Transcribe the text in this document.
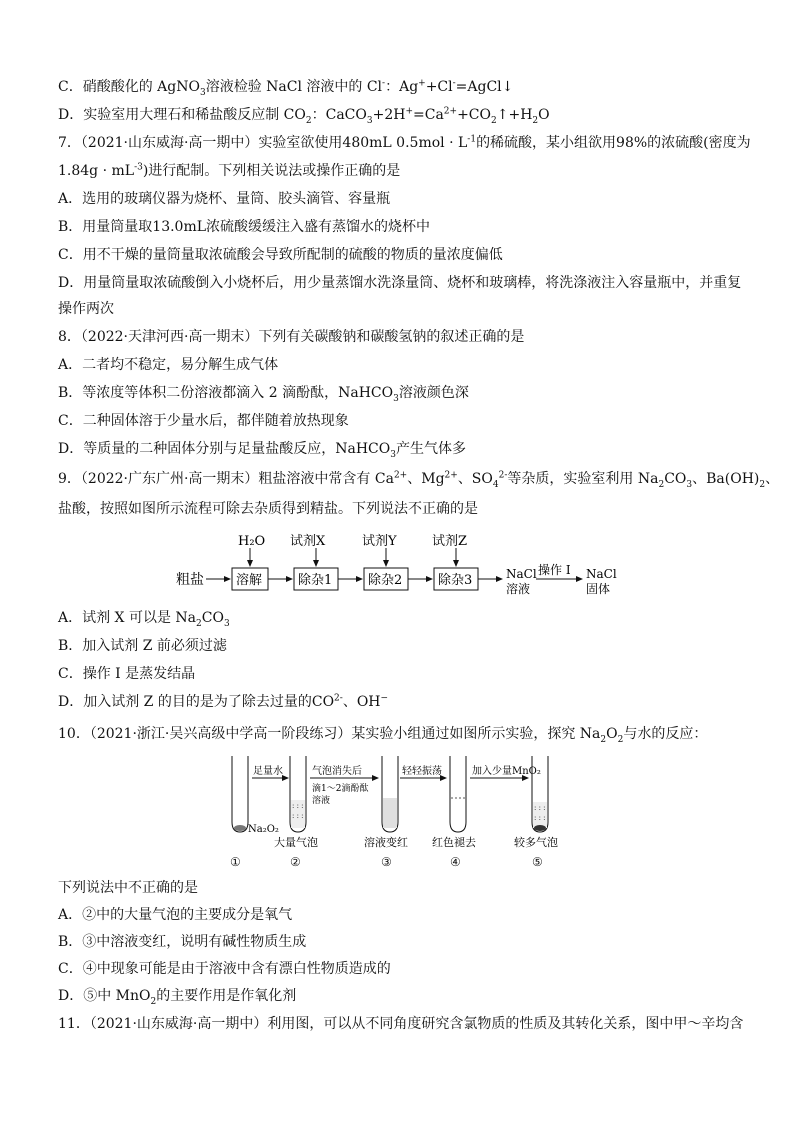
C．硝酸酸化的 AgNO$_3$溶液检验 NaCl 溶液中的 Cl-：Ag++Cl-=AgCl↓
D．实验室用大理石和稀盐酸反应制 $CO_2$：$CaCO_3+2H^+=Ca^{2+}+CO_2↑+H_2O$
7．（2021·山东威海·高一期中）实验室欲使用480mL $0.5mol \cdot L^{-1}$的稀硫酸，某小组欲用98%的浓硫酸(密度为
$1.84g \cdot mL^{-3}$)进行配制。下列相关说法或操作正确的是
A．选用的玻璃仪器为烧杯、量筒、胶头滴管、容量瓶
B．用量筒量取13.0mL浓硫酸缓缓注入盛有蒸馏水的烧杯中
C．用不干燥的量筒量取浓硫酸会导致所配制的硫酸的物质的量浓度偏低
D．用量筒量取浓硫酸倒入小烧杯后，用少量蒸馏水洗涤量筒、烧杯和玻璃棒，将洗涤液注入容量瓶中，并重复
操作两次
8．（2022·天津河西·高一期末）下列有关碳酸钠和碳酸氢钠的叙述正确的是
A．二者均不稳定，易分解生成气体
B．等浓度等体积二份溶液都滴入 2 滴酚酞，NaHCO$_3$溶液颜色深
C．二种固体溶于少量水后，都伴随着放热现象
D．等质量的二种固体分别与足量盐酸反应，NaHCO$_3$产生气体多
9．（2022·广东广州·高一期末）粗盐溶液中常含有 $Ca^{2+}$、$Mg^{2+}$、$SO_4^{2-}$等杂质，实验室利用 $Na_2CO_3$、$Ba(OH)_2$、
盐酸，按照如图所示流程可除去杂质得到精盐。下列说法不正确的是
粗盐 溶解
H₂O
除杂1
试剂X
除杂2
试剂Y
除杂3
试剂Z
NaCl
溶液
操作 I NaCl
固体
A．试剂 X 可以是 $Na_2CO_3$
B．加入试剂 Z 前必须过滤
C．操作 I 是蒸发结晶
D．加入试剂 Z 的目的是为了除去过量的$CO^{2-}$、OH−
10．（2021·浙江·吴兴高级中学高一阶段练习）某实验小组通过如图所示实验，探究 $Na_2O_2$与水的反应：
Na₂O₂
足量水
: : :
: : :
气泡消失后
滴1～2滴酚酞
溶液
轻轻振荡	加入少量MnO₂
: : :
: : :
大量气泡	溶液变红 红色褪去	较多气泡
①	②	③	④	⑤
下列说法中不正确的是
A．②中的大量气泡的主要成分是氧气
B．③中溶液变红，说明有碱性物质生成
C．④中现象可能是由于溶液中含有漂白性物质造成的
D．⑤中 MnO$_2$的主要作用是作氧化剂
11．（2021·山东威海·高一期中）利用图，可以从不同角度研究含氯物质的性质及其转化关系，图中甲～辛均含
